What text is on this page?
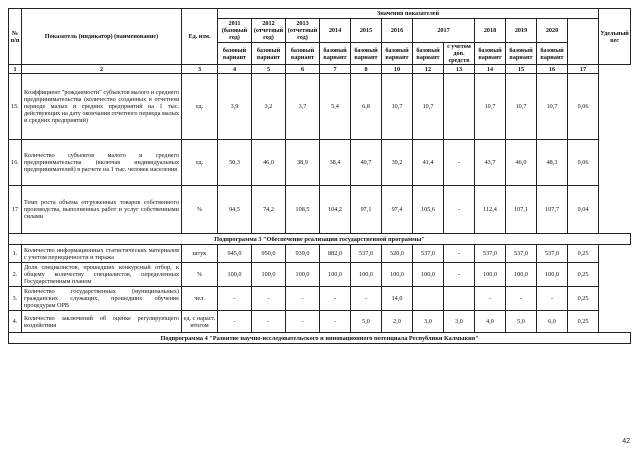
№ п/п	Показатель (индикатор) (наименование)	Ед. изм.	Значения показателей												Удельный вес
			2011 (базовый год)	2012 (отчетный год)	2013 (отчетный год)	2014	2015	2016	2017		2018	2019	2020		
			базовый вариант	базовый вариант	базовый вариант	базовый вариант	базовый вариант	базовый вариант	базовый вариант	с учетом доп. средств	базовый вариант	базовый вариант	базовый вариант		
1	2	3	4	5	6	7	8	10	12	13	14	15	16	17	
15.	Коэффициент "рождаемости" субъектов малого и среднего предпринимательства (количество созданных в отчетном периоде малых и средних предприятий на 1 тыс. действующих на дату окончания отчетного периода малых и средних предприятий)	ед.	3,9	3,2	3,7	5,4	6,8	10,7	10,7		10,7	10,7	10,7	0,06	
16.	Количество субъектов малого и среднего предпринимательства (включая индивидуальных предпринимателей) в расчете на 1 тыс. человек населения	ед.	50,3	46,0	38,9	38,4	40,7	39,2	41,4	-	43,7	46,0	48,3	0,06	
17	Темп роста объема отгруженных товаров собственного производства, выполненных работ и услуг собственными силами	%	94,5	74,2	108,5	104,2	97,1	97,4	105,6	-	112,4	107,1	107,7	0,04	
Подпрограмма 3 "Обеспечение реализации государственной программы"															
1.	Количество информационных статистических материалов с учетом периодичности и тиража	штук	945,0	950,0	939,0	882,0	537,0	520,0	537,0	-	537,0	537,0	537,0	0,25	
2.	Доля специалистов, прошедших конкурсный отбор, к общему количеству специалистов, определенных Государственным планом	%	100,0	100,0	100,0	100,0	100,0	100,0	100,0	-	100,0	100,0	100,0	0,25	
3.	Количество государственных (муниципальных) гражданских служащих, прошедших обучение процедурам ОРВ	чел.	-	-	-	-	-	14,0			-	-	-	0,25	
4.	Количество заключений об оценке регулирующего воздействия	ед. с нараст. итогом	-	-	-	-	5,0	2,0	3,0	3,0	4,0	5,0	6,0	0,25	
Подпрограмма 4 "Развитие научно-исследовательского и инновационного потенциала Республики Калмыкия"															
42
